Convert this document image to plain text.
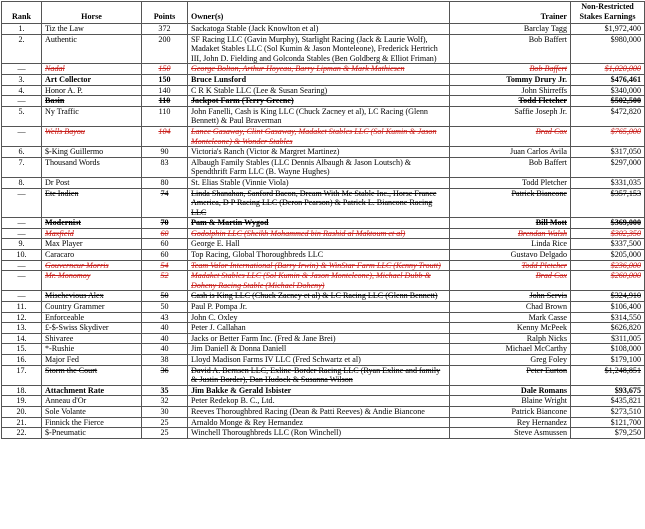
Rank	Horse	Points	Owner(s)	Trainer	Non-Restricted
Stakes Earnings
1.	Tiz the Law	372	Sackatoga Stable (Jack Knowlton et al)	Barclay Tagg	$1,972,400
2.	Authentic	200	SF Racing LLC (Gavin Murphy), Starlight Racing (Jack & Laurie Wolf), Madaket Stables LLC (Sol Kumin & Jason Monteleone), Frederick Hertrich III, John D. Fielding and Golconda Stables (Ben Goldberg & Elliot Friman)	Bob Baffert	$980,000
—	Nadal	150	George Bolton, Arthur Hoyeau, Barry Lipman & Mark Mathiesen	Bob Baffert	$1,020,000
3.	Art Collector	150	Bruce Lunsford	Tommy Drury Jr.	$476,461
4.	Honor A. P.	140	C R K Stable LLC (Lee & Susan Searing)	John Shirreffs	$340,000
—	Basin	110	Jackpot Farm (Terry Greene)	Todd Fletcher	$502,500
5.	Ny Traffic	110	John Fanelli, Cash is King LLC (Chuck Zacney et al), LC Racing (Glenn Bennett) & Paul Braverman	Saffie Joseph Jr.	$472,820
—	Wells Bayou	104	Lance Gasaway, Clint Gasaway, Madaket Stables LLC (Sol Kumin & Jason Monteleone) & Wonder Stables	Brad Cox	$765,000
6.	$-King Guillermo	90	Victoria's Ranch (Victor & Margret Martinez)	Juan Carlos Avila	$317,050
7.	Thousand Words	83	Albaugh Family Stables (LLC Dennis Albaugh & Jason Loutsch) & Spendthrift Farm LLC (B. Wayne Hughes)	Bob Baffert	$297,000
8.	Dr Post	80	St. Elias Stable (Vinnie Viola)	Todd Pletcher	$331,035
—	Ete Indien	74	Linda Shanahan, Sanford Bacon, Dream With Me Stable Inc., Horse France America, D P Racing LLC (Deron Pearson) & Patrick L. Biancone Racing LLC	Patrick Biancone	$357,153
—	Modernist	70	Pam & Martin Wygod	Bill Mott	$369,000
—	Maxfield	60	Godolphin LLC (Sheikh Mohammed bin Rashid al Maktoum et al)	Brendan Walsh	$302,350
9.	Max Player	60	George E. Hall	Linda Rice	$337,500
10.	Caracaro	60	Top Racing, Global Thoroughbreds LLC	Gustavo Delgado	$205,000
—	Gouverneur Morris	54	Team Valor International (Barry Irwin) & WinStar Farm LLC (Kenny Troutt)	Todd Pletcher	$236,000
—	Mr. Monomoy	52	Madaket Stables LLC (Sol Kumin & Jason Monteleone), Michael Dubb & Doheny Racing Stable (Michael Doheny)	Brad Cox	$260,000
—	Mischevious Alex	50	Cash is King LLC (Chuck Zacney et al) & LC Racing LLC (Glenn Bennett)	John Servis	$324,910
11.	Country Grammer	50	Paul P. Pompa Jr.	Chad Brown	$106,400
12.	Enforceable	43	John C. Oxley	Mark Casse	$314,550
13.	£-$-Swiss Skydiver	40	Peter J. Callahan	Kenny McPeek	$626,820
14.	Shivaree	40	Jacks or Better Farm Inc. (Fred & Jane Brei)	Ralph Nicks	$311,005
15.	*-Rushie	40	Jim Daniell & Donna Daniell	Michael McCarthy	$108,000
16.	Major Fed	38	Lloyd Madison Farms IV LLC (Fred Schwartz et al)	Greg Foley	$179,100
17.	Storm the Court	36	David A. Bernsen LLC, Exline-Border Racing LLC (Ryan Exline and family & Justin Border), Dan Hudock & Susanna Wilson	Peter Eurton	$1,248,851
18.	Attachment Rate	35	Jim Bakke & Gerald Isbister	Dale Romans	$93,675
19.	Anneau d'Or	32	Peter Redekop B. C., Ltd.	Blaine Wright	$435,821
20.	Sole Volante	30	Reeves Thoroughbred Racing (Dean & Patti Reeves) & Andie Biancone	Patrick Biancone	$273,510
21.	Finnick the Fierce	25	Arnaldo Monge & Rey Hernandez	Rey Hernandez	$121,700
22.	$-Pneumatic	25	Winchell Thoroughbreds LLC (Ron Winchell)	Steve Asmussen	$79,250
